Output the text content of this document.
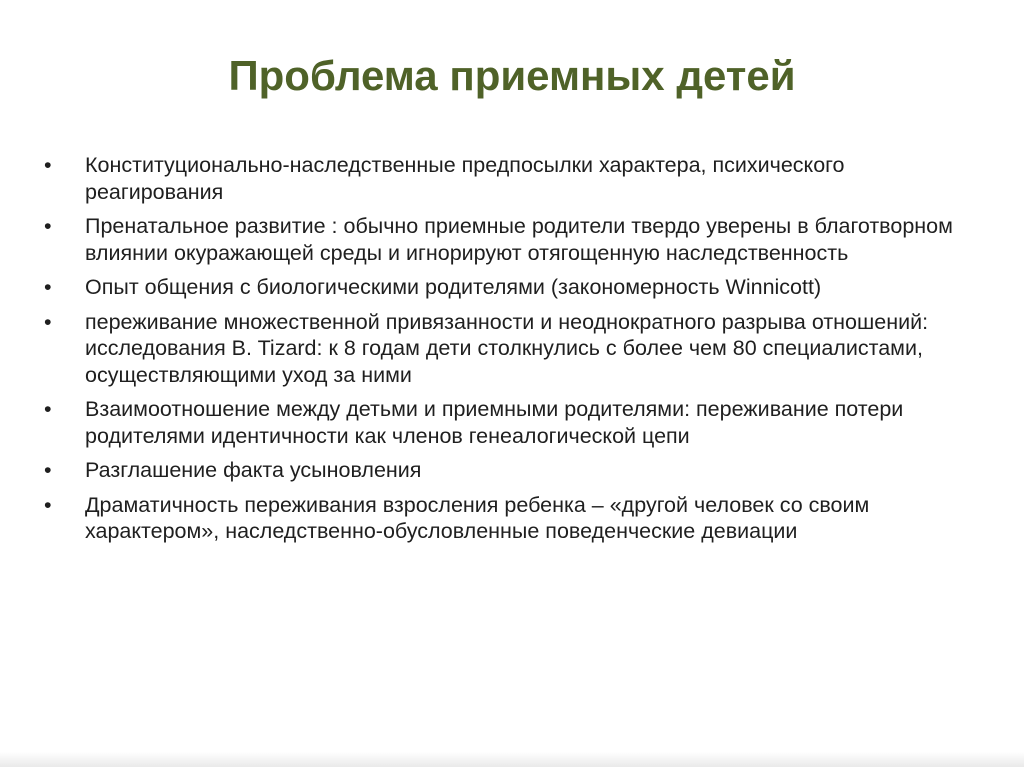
Проблема приемных детей
•	Конституционально-наследственные предпосылки характера, психического реагирования
•	Пренатальное развитие : обычно приемные родители твердо уверены в благотворном влиянии окуражающей среды и игнорируют отягощенную наследственность
•	Опыт общения с биологическими родителями (закономерность Winnicott)
•	переживание множественной привязанности и неоднократного разрыва отношений: исследования B. Tizard: к 8 годам дети столкнулись с более чем 80 специалистами, осуществляющими уход за ними
•	Взаимоотношение между детьми и приемными родителями: переживание потери родителями идентичности как членов генеалогической цепи
•	Разглашение факта усыновления
•	Драматичность переживания взросления ребенка – «другой человек со своим характером», наследственно-обусловленные поведенческие девиации
